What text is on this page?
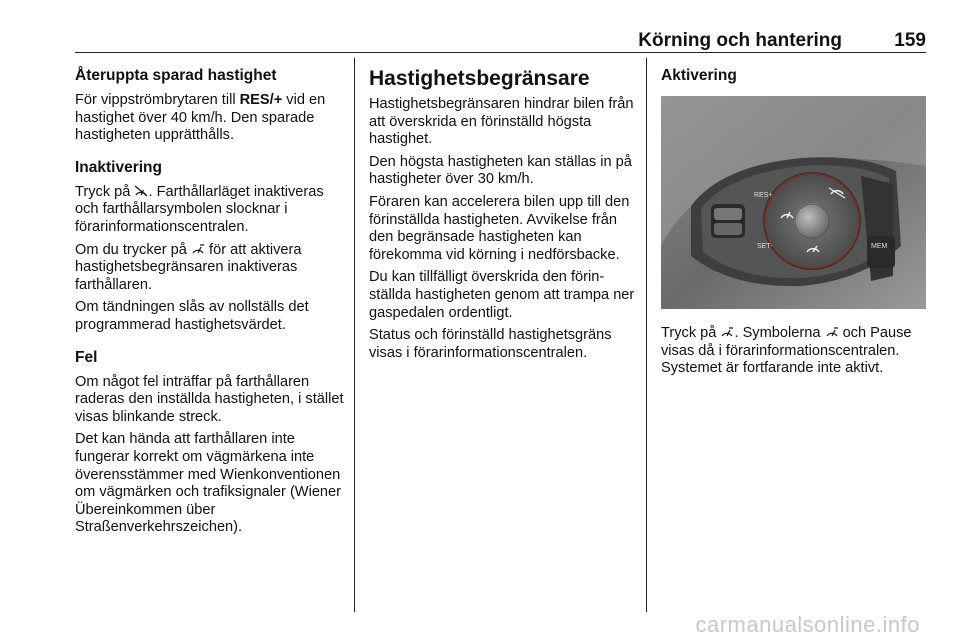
Körning och hantering	159
Återuppta sparad hastighet

För vippströmbrytaren till RES/+ vid en hastighet över 40 km/h. Den sparade hastigheten upprätthålls.

Inaktivering

Tryck på . Farthållarläget inaktiveras och farthållarsymbolen slocknar i förarinformationscentralen.

Om du trycker på  för att aktivera hastighetsbegränsaren inaktiveras farthållaren.

Om tändningen slås av nollställs det programmerad hastighetsvärdet.

Fel

Om något fel inträffar på farthållaren raderas den inställda hastigheten, i stället visas blinkande streck.

Det kan hända att farthållaren inte fungerar korrekt om vägmärkena inte överensstämmer med Wienkonventionen om vägmärken och trafiksignaler (Wiener Übereinkommen über Straßenverkehrszeichen).

Hastighetsbegränsare

Hastighetsbegränsaren hindrar bilen från att överskrida en förinställd högsta hastighet.

Den högsta hastigheten kan ställas in på hastigheter över 30 km/h.

Föraren kan accelerera bilen upp till den förinställda hastigheten. Avvikelse från den begränsade hastigheten kan förekomma vid körning i nedförsbacke.

Du kan tillfälligt överskrida den förinställda hastigheten genom att trampa ner gaspedalen ordentligt.

Status och förinställd hastighetsgräns visas i förarinformationscentralen.

Aktivering
RES+
SET-	MEM

Tryck på . Symbolerna  och Pause visas då i förarinformationscentralen. Systemet är fortfarande inte aktivt.

carmanualsonline.info
